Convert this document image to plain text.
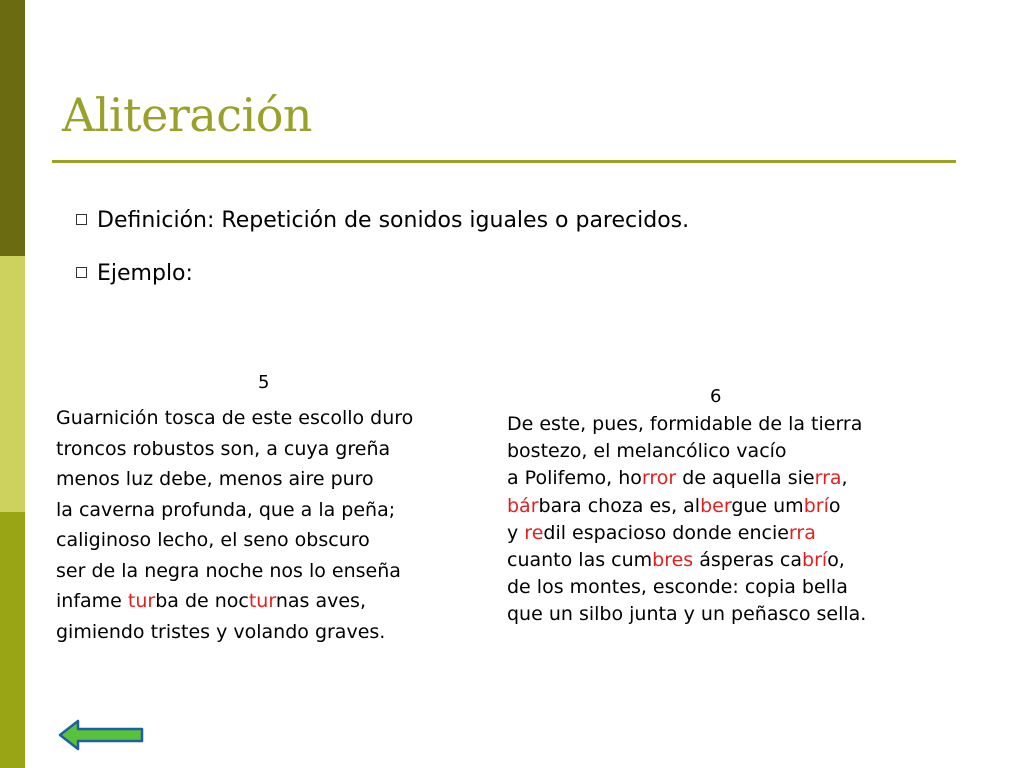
Aliteración
Definición: Repetición de sonidos iguales o parecidos.
Ejemplo:
5
Guarnición tosca de este escollo duro
troncos robustos son, a cuya greña
menos luz debe, menos aire puro
la caverna profunda, que a la peña;
caliginoso lecho, el seno obscuro
ser de la negra noche nos lo enseña
infame turba de nocturnas aves,
gimiendo tristes y volando graves.
6
De este, pues, formidable de la tierra
bostezo, el melancólico vacío
a Polifemo, horror de aquella sierra,
bárbara choza es, albergue umbrío
y redil espacioso donde encierra
cuanto las cumbres ásperas cabrío,
de los montes, esconde: copia bella
que un silbo junta y un peñasco sella.
